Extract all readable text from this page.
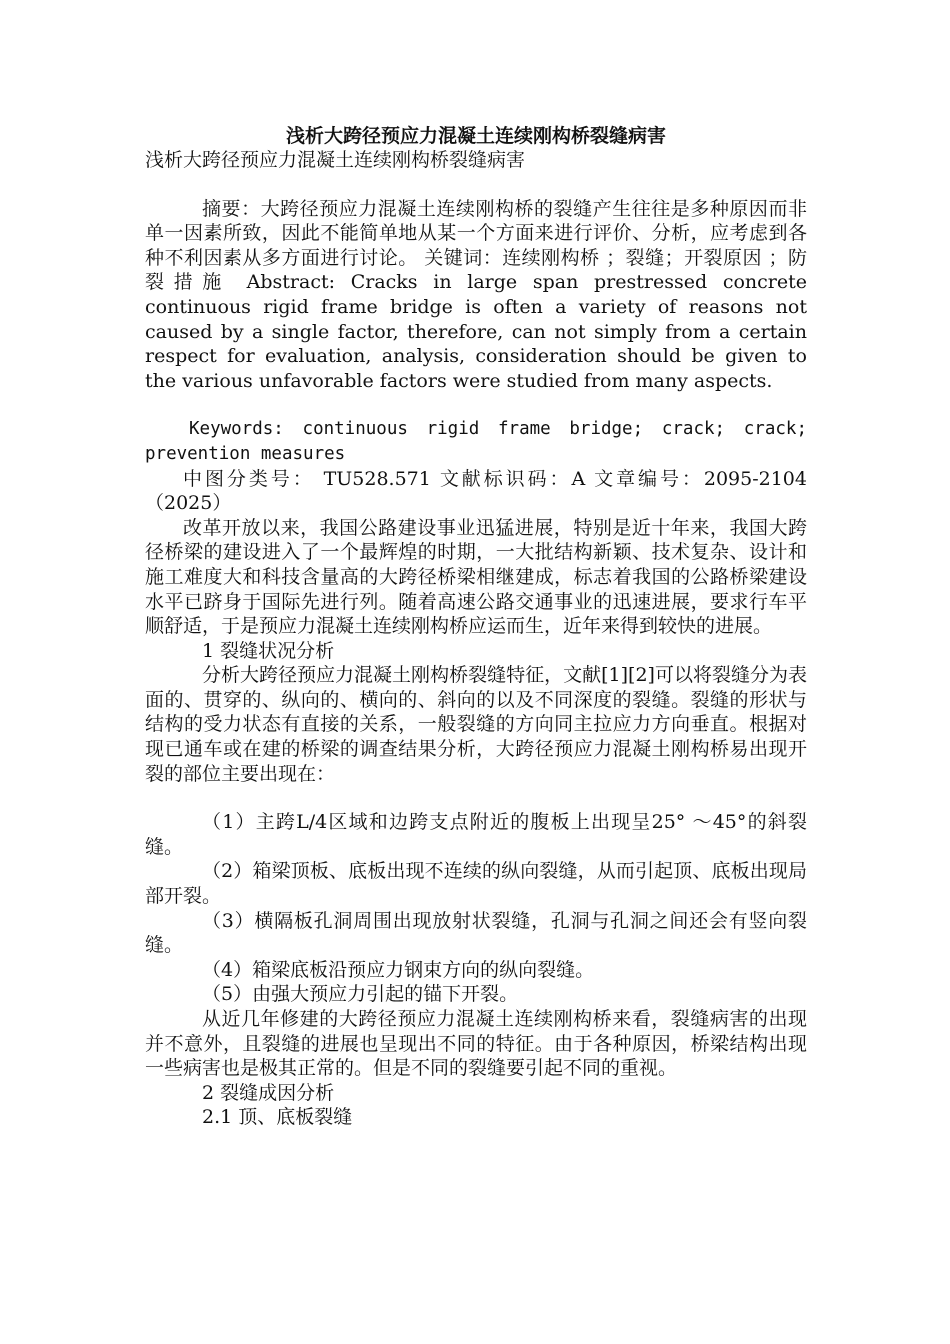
浅析大跨径预应力混凝土连续刚构桥裂缝病害

浅析大跨径预应力混凝土连续刚构桥裂缝病害

摘要：大跨径预应力混凝土连续刚构桥的裂缝产生往往是多种原因而非单一因素所致，因此不能简单地从某一个方面来进行评价、分析，应考虑到各种不利因素从多方面进行讨论。 关键词：连续刚构桥 ；裂缝；开裂原因 ；防裂措施 Abstract: Cracks in large span prestressed concrete continuous rigid frame bridge is often a variety of reasons not caused by a single factor, therefore, can not simply from a certain respect for evaluation, analysis, consideration should be given to the various unfavorable factors were studied from many aspects.

Keywords: continuous rigid frame bridge; crack; crack; prevention measures

中图分类号： TU528.571 文献标识码：A 文章编号：2095-2104（2025）

改革开放以来，我国公路建设事业迅猛进展，特别是近十年来，我国大跨径桥梁的建设进入了一个最辉煌的时期，一大批结构新颖、技术复杂、设计和施工难度大和科技含量高的大跨径桥梁相继建成，标志着我国的公路桥梁建设水平已跻身于国际先进行列。随着高速公路交通事业的迅速进展，要求行车平顺舒适，于是预应力混凝土连续刚构桥应运而生，近年来得到较快的进展。

1 裂缝状况分析

分析大跨径预应力混凝土刚构桥裂缝特征，文献[1][2]可以将裂缝分为表面的、贯穿的、纵向的、横向的、斜向的以及不同深度的裂缝。裂缝的形状与结构的受力状态有直接的关系，一般裂缝的方向同主拉应力方向垂直。根据对现已通车或在建的桥梁的调查结果分析，大跨径预应力混凝土刚构桥易出现开裂的部位主要出现在：

（1）主跨L/4区域和边跨支点附近的腹板上出现呈25° ～45°的斜裂缝。

（2）箱梁顶板、底板出现不连续的纵向裂缝，从而引起顶、底板出现局部开裂。

（3）横隔板孔洞周围出现放射状裂缝，孔洞与孔洞之间还会有竖向裂缝。

（4）箱梁底板沿预应力钢束方向的纵向裂缝。

（5）由强大预应力引起的锚下开裂。

从近几年修建的大跨径预应力混凝土连续刚构桥来看，裂缝病害的出现并不意外，且裂缝的进展也呈现出不同的特征。由于各种原因，桥梁结构出现一些病害也是极其正常的。但是不同的裂缝要引起不同的重视。

2 裂缝成因分析

2.1 顶、底板裂缝
